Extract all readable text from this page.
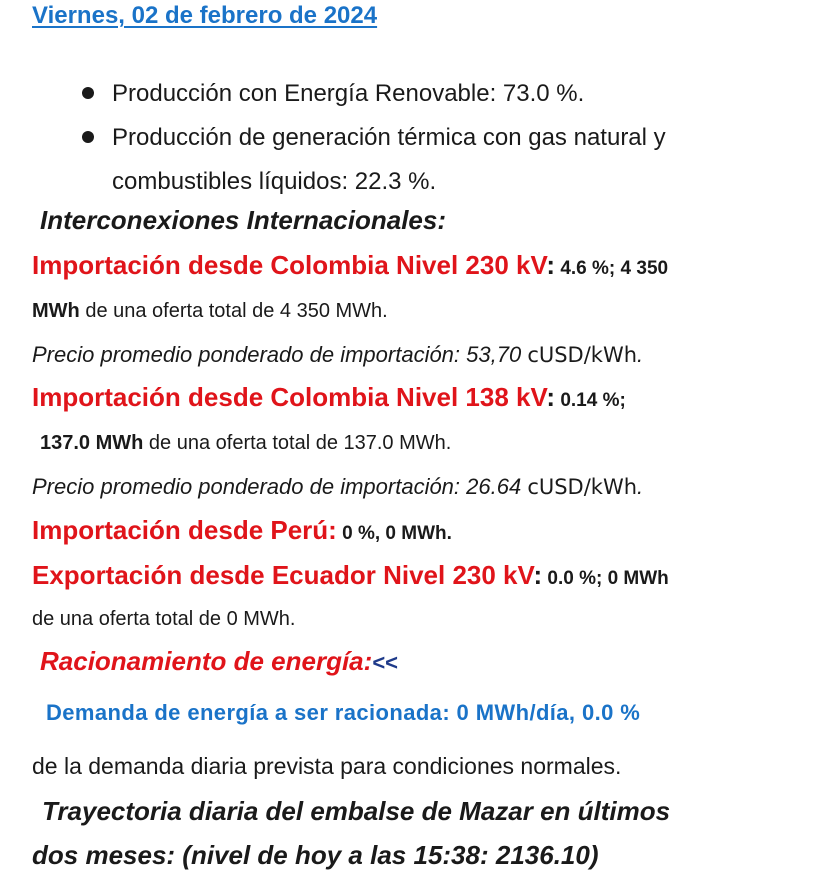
Viernes, 02 de febrero de 2024
Producción con Energía Renovable: 73.0 %.
Producción de generación térmica con gas natural y combustibles líquidos: 22.3 %.

Interconexiones Internacionales:

Importación desde Colombia Nivel 230 kV: 4.6 %; 4 350

MWh de una oferta total de 4 350 MWh.

Precio promedio ponderado de importación: 53,70 cUSD/kWh.

Importación desde Colombia Nivel 138 kV: 0.14 %;

137.0 MWh de una oferta total de 137.0 MWh.

Precio promedio ponderado de importación: 26.64 cUSD/kWh.

Importación desde Perú: 0 %, 0 MWh.

Exportación desde Ecuador Nivel 230 kV: 0.0 %; 0 MWh

de una oferta total de 0 MWh.

Racionamiento de energía:<<

Demanda de energía a ser racionada: 0 MWh/día, 0.0 %

de la demanda diaria prevista para condiciones normales.

Trayectoria diaria del embalse de Mazar en últimos

dos meses: (nivel de hoy a las 15:38: 2136.10)
